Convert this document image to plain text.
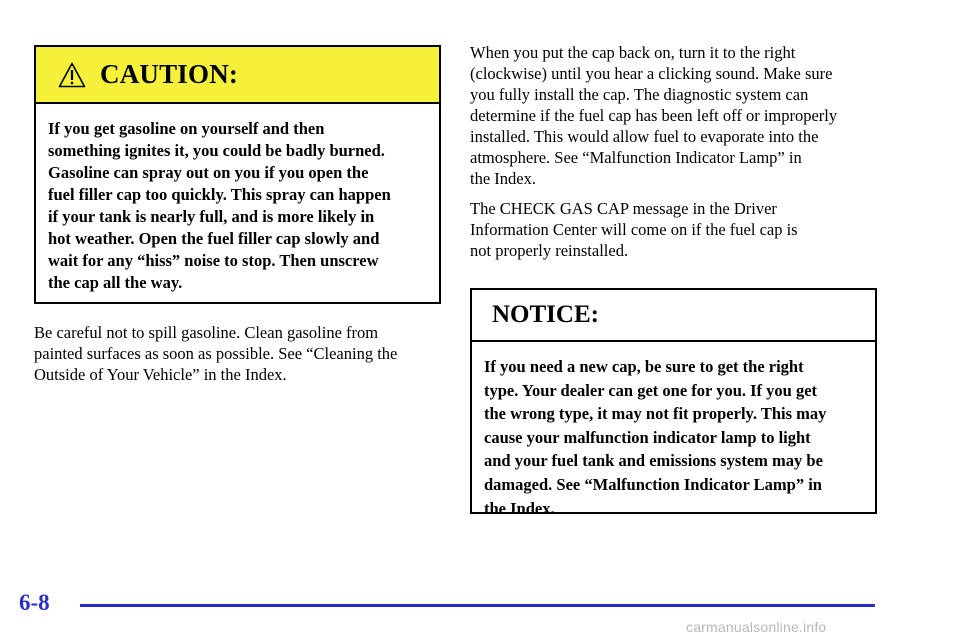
CAUTION:
If you get gasoline on yourself and then
something ignites it, you could be badly burned.
Gasoline can spray out on you if you open the
fuel filler cap too quickly. This spray can happen
if your tank is nearly full, and is more likely in
hot weather. Open the fuel filler cap slowly and
wait for any “hiss” noise to stop. Then unscrew
the cap all the way.
Be careful not to spill gasoline. Clean gasoline from
painted surfaces as soon as possible. See “Cleaning the
Outside of Your Vehicle” in the Index.
When you put the cap back on, turn it to the right
(clockwise) until you hear a clicking sound. Make sure
you fully install the cap. The diagnostic system can
determine if the fuel cap has been left off or improperly
installed. This would allow fuel to evaporate into the
atmosphere. See “Malfunction Indicator Lamp” in
the Index.
The CHECK GAS CAP message in the Driver
Information Center will come on if the fuel cap is
not properly reinstalled.
NOTICE:
If you need a new cap, be sure to get the right
type. Your dealer can get one for you. If you get
the wrong type, it may not fit properly. This may
cause your malfunction indicator lamp to light
and your fuel tank and emissions system may be
damaged. See “Malfunction Indicator Lamp” in
the Index.
6-8
carmanualsonline.info
